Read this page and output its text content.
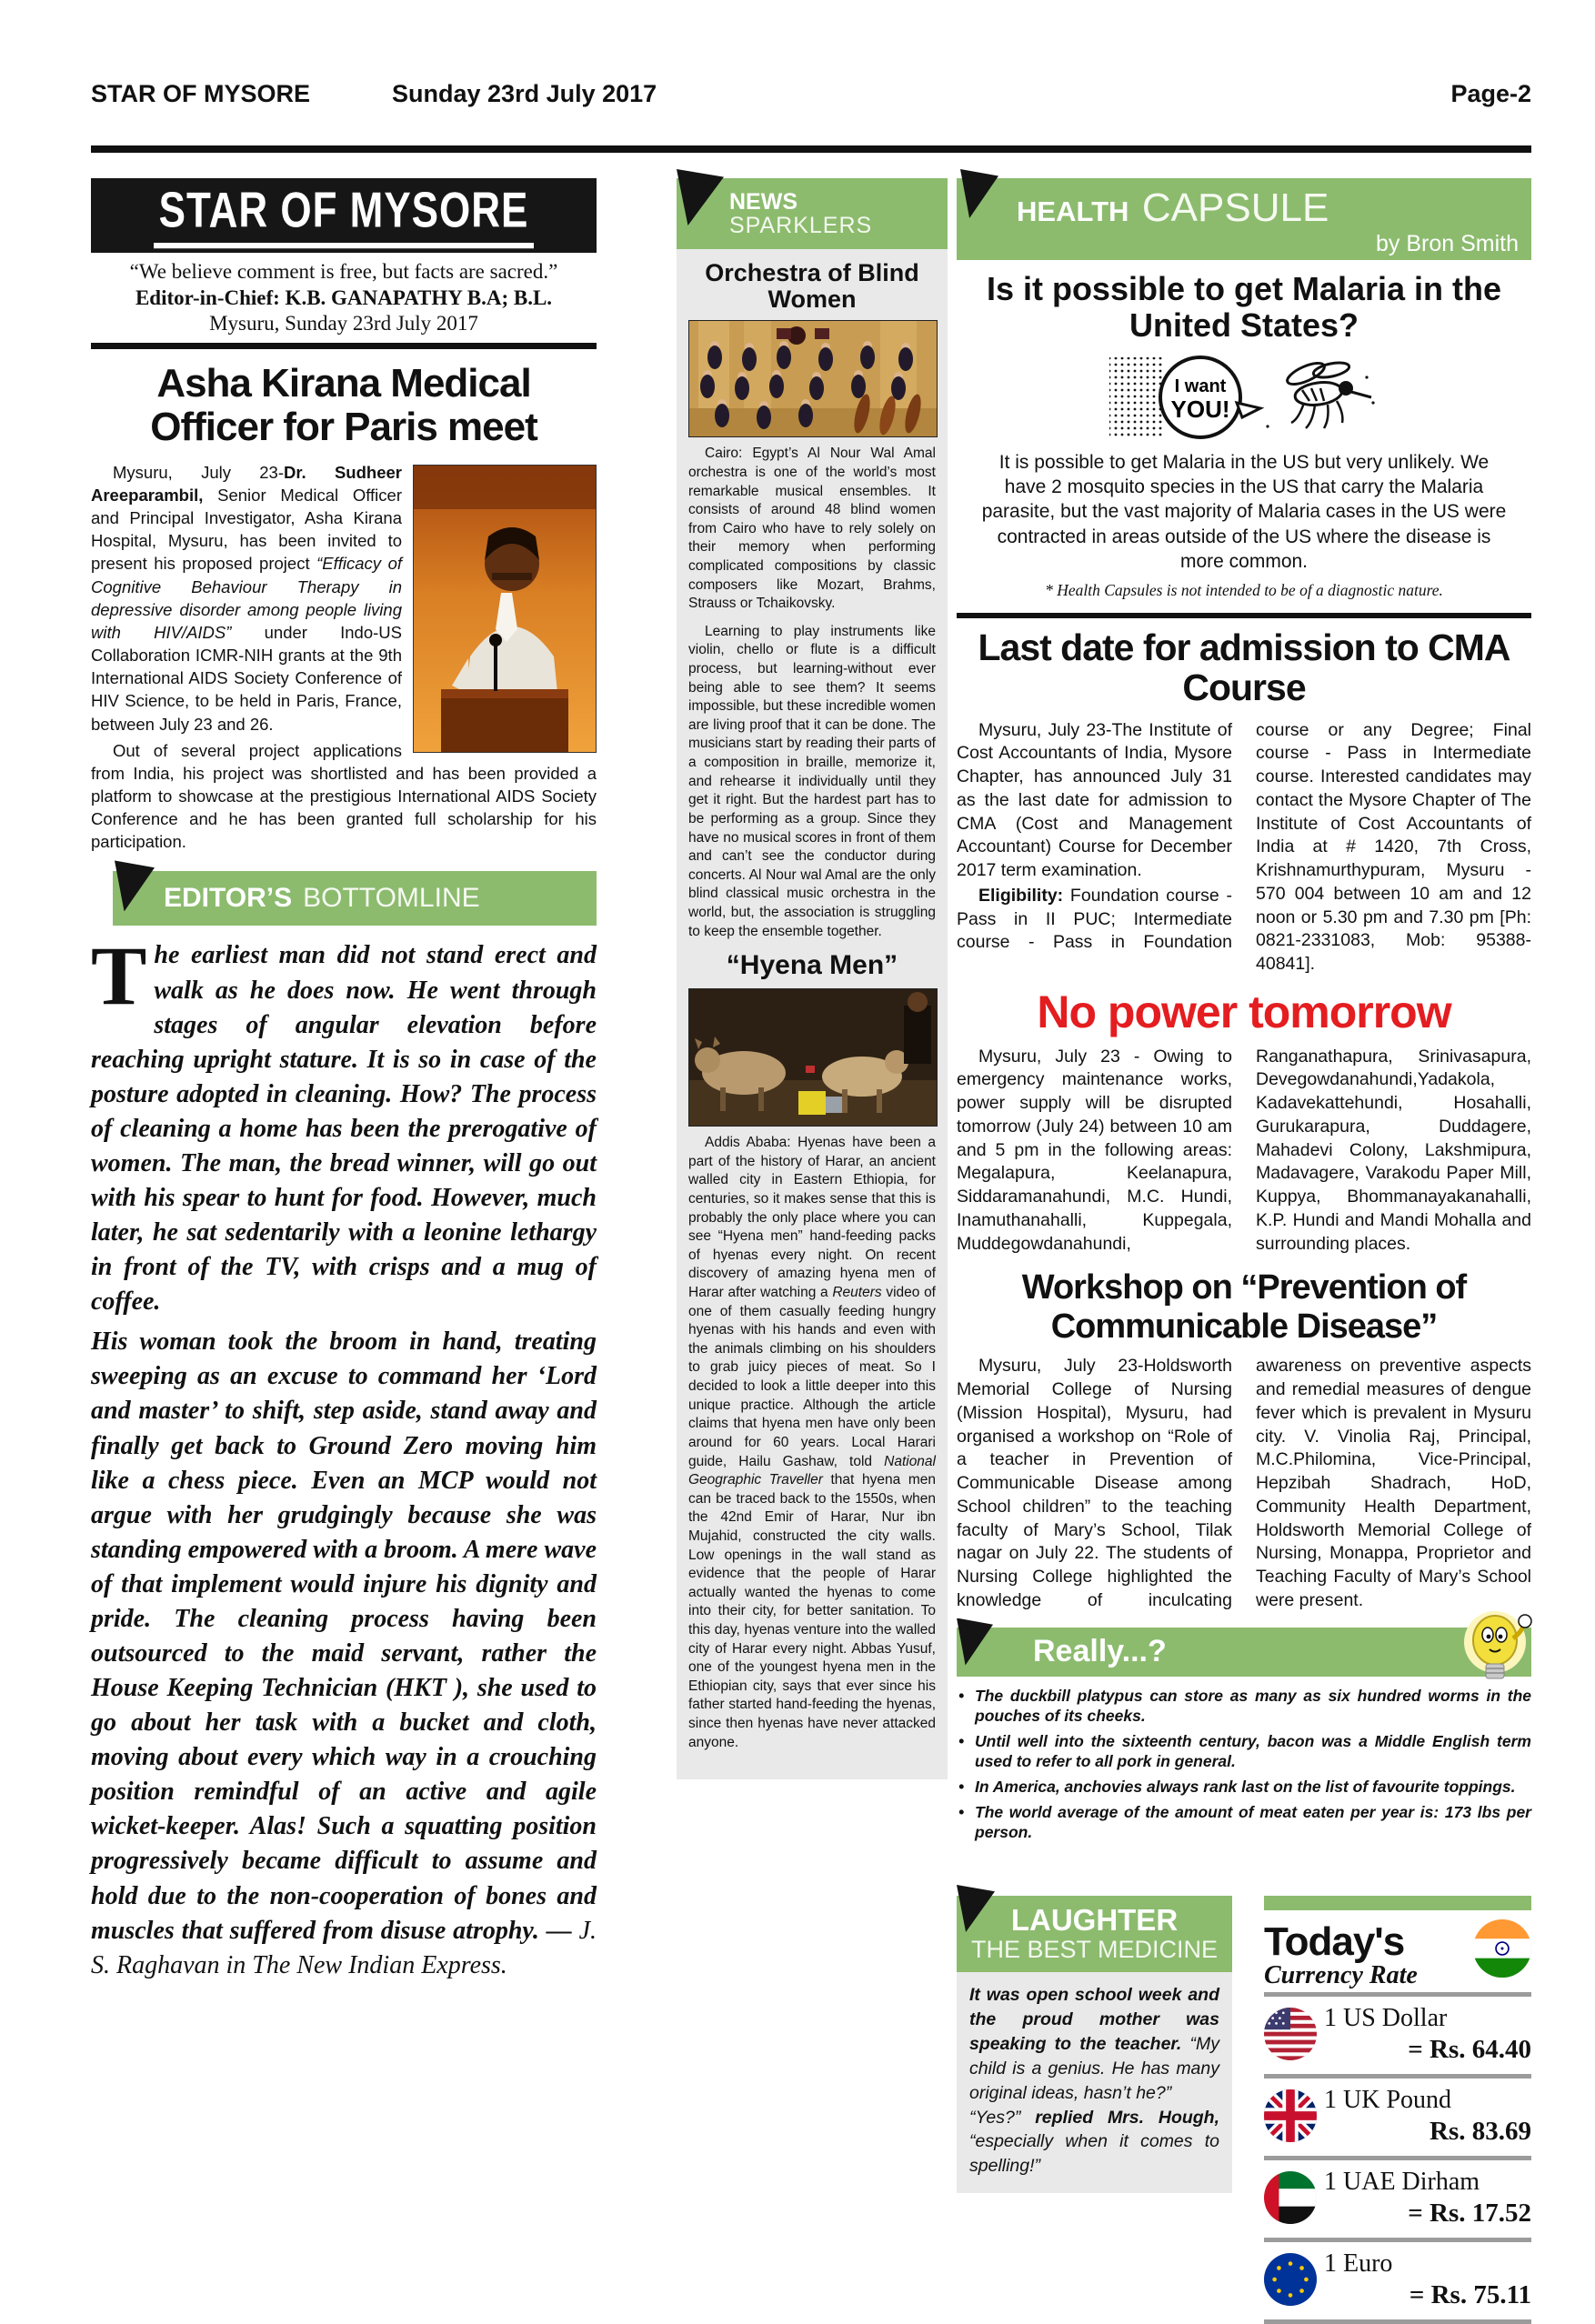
STAR OF MYSORE	Sunday 23rd July 2017	Page-2
STAR OF MYSORE
“We believe comment is free, but facts are sacred.”
Editor-in-Chief: K.B. GANAPATHY B.A; B.L.
Mysuru, Sunday 23rd July 2017
Asha Kirana Medical Officer for Paris meet

Mysuru, July 23-Dr. Sudheer Areeparambil, Senior Medical Officer and Principal Investigator, Asha Kirana Hospital, Mysuru, has been invited to present his proposed project “Efficacy of Cognitive Behaviour Therapy in depressive disorder among people living with HIV/AIDS” under Indo-US Collaboration ICMR-NIH grants at the 9th International AIDS Society Conference of HIV Science, to be held in Paris, France, between July 23 and 26.

Out of several project applications from India, his project was shortlisted and has been provided a platform to showcase at the prestigious International AIDS Society Conference and he has been granted full scholarship for his participation.

EDITOR’S BOTTOMLINE

The earliest man did not stand erect and walk as he does now. He went through stages of angular elevation before reaching upright stature. It is so in case of the posture adopted in cleaning. How? The process of cleaning a home has been the prerogative of women. The man, the bread winner, will go out with his spear to hunt for food. However, much later, he sat sedentarily with a leonine lethargy in front of the TV, with crisps and a mug of coffee.

His woman took the broom in hand, treating sweeping as an excuse to command her ‘Lord and master’ to shift, step aside, stand away and finally get back to Ground Zero moving him like a chess piece. Even an MCP would not argue with her grudgingly because she was standing empowered with a broom. A mere wave of that implement would injure his dignity and pride. The cleaning process having been outsourced to the maid servant, rather the House Keeping Technician (HKT ), she used to go about her task with a bucket and cloth, moving about every which way in a crouching position remindful of an active and agile wicket-keeper. Alas! Such a squatting position progressively became difficult to assume and hold due to the non-cooperation of bones and muscles that suffered from disuse atrophy. — J. S. Raghavan in The New Indian Express.

NEWS
SPARKLERS
Orchestra of Blind Women

Cairo: Egypt’s Al Nour Wal Amal orchestra is one of the world’s most remarkable musical ensembles. It consists of around 48 blind women from Cairo who have to rely solely on their memory when performing complicated compositions by classic composers like Mozart, Brahms, Strauss or Tchaikovsky.

Learning to play instruments like violin, chello or flute is a difficult process, but learning-without ever being able to see them? It seems impossible, but these incredible women are living proof that it can be done. The musicians start by reading their parts of a composition in braille, memorize it, and rehearse it individually until they get it right. But the hardest part has to be performing as a group. Since they have no musical scores in front of them and can’t see the conductor during concerts. Al Nour wal Amal are the only blind classical music orchestra in the world, but, the association is struggling to keep the ensemble together.

“Hyena Men”

Addis Ababa: Hyenas have been a part of the history of Harar, an ancient walled city in Eastern Ethiopia, for centuries, so it makes sense that this is probably the only place where you can see “Hyena men” hand-feeding packs of hyenas every night. On recent discovery of amazing hyena men of Harar after watching a Reuters video of one of them casually feeding hungry hyenas with his hands and even with the animals climbing on his shoulders to grab juicy pieces of meat. So I decided to look a little deeper into this unique practice. Although the article claims that hyena men have only been around for 60 years. Local Harari guide, Hailu Gashaw, told National Geographic Traveller that hyena men can be traced back to the 1550s, when the 42nd Emir of Harar, Nur ibn Mujahid, constructed the city walls. Low openings in the wall stand as evidence that the people of Harar actually wanted the hyenas to come into their city, for better sanitation. To this day, hyenas venture into the walled city of Harar every night. Abbas Yusuf, one of the youngest hyena men in the Ethiopian city, says that ever since his father started hand-feeding the hyenas, since then hyenas have never attacked anyone.

HEALTH CAPSULE
by Bron Smith
Is it possible to get Malaria in the United States?
I want
YOU!
It is possible to get Malaria in the US but very unlikely. We have 2 mosquito species in the US that carry the Malaria parasite, but the vast majority of Malaria cases in the US were contracted in areas outside of the US where the disease is more common.
* Health Capsules is not intended to be of a diagnostic nature.
Last date for admission to CMA Course

Mysuru, July 23-The Institute of Cost Accountants of India, Mysore Chapter, has announced July 31 as the last date for admission to CMA (Cost and Management Accountant) Course for December 2017 term examination.

Eligibility: Foundation course - Pass in II PUC; Intermediate course - Pass in Foundation course or any Degree; Final course - Pass in Intermediate course. Interested candidates may contact the Mysore Chapter of The Institute of Cost Accountants of India at # 1420, 7th Cross, Krishnamurthypuram, Mysuru - 570 004 between 10 am and 12 noon or 5.30 pm and 7.30 pm [Ph: 0821-2331083, Mob: 95388-40841].

No power tomorrow

Mysuru, July 23 - Owing to emergency maintenance works, power supply will be disrupted tomorrow (July 24) between 10 am and 5 pm in the following areas: Megalapura, Keelanapura, Siddaramanahundi, M.C. Hundi, Inamuthanahalli, Kuppegala, Muddegowdanahundi, Ranganathapura, Srinivasapura, Devegowdanahundi,Yadakola, Kadavekattehundi, Hosahalli, Gurukarapura, Duddagere, Mahadevi Colony, Lakshmipura, Madavagere, Varakodu Paper Mill, Kuppya, Bhommanayakanahalli, K.P. Hundi and Mandi Mohalla and surrounding places.

Workshop on “Prevention of Communicable Disease”

Mysuru, July 23-Holdsworth Memorial College of Nursing (Mission Hospital), Mysuru, had organised a workshop on “Role of a teacher in Prevention of Communicable Disease among School children” to the teaching faculty of Mary’s School, Tilak nagar on July 22. The students of Nursing College highlighted the knowledge of inculcating awareness on preventive aspects and remedial measures of dengue fever which is prevalent in Mysuru city. V. Vinolia Raj, Principal, M.C.Philomina, Vice-Principal, Hepzibah Shadrach, HoD, Community Health Department, Holdsworth Memorial College of Nursing, Monappa, Proprietor and Teaching Faculty of Mary’s School were present.

Really...?
• The duckbill platypus can store as many as six hundred worms in the pouches of its cheeks.
• Until well into the sixteenth century, bacon was a Middle English term used to refer to all pork in general.
• In America, anchovies always rank last on the list of favourite toppings.
• The world average of the amount of meat eaten per year is: 173 lbs per person.
LAUGHTER
THE BEST MEDICINE
It was open school week and the proud mother was speaking to the teacher. “My child is a genius. He has many original ideas, hasn’t he?”
“Yes?” replied Mrs. Hough, “especially when it comes to spelling!”
Today's
Currency Rate
1 US Dollar
= Rs. 64.40
1 UK Pound
Rs. 83.69
1 UAE Dirham
= Rs. 17.52
1 Euro
= Rs. 75.11
